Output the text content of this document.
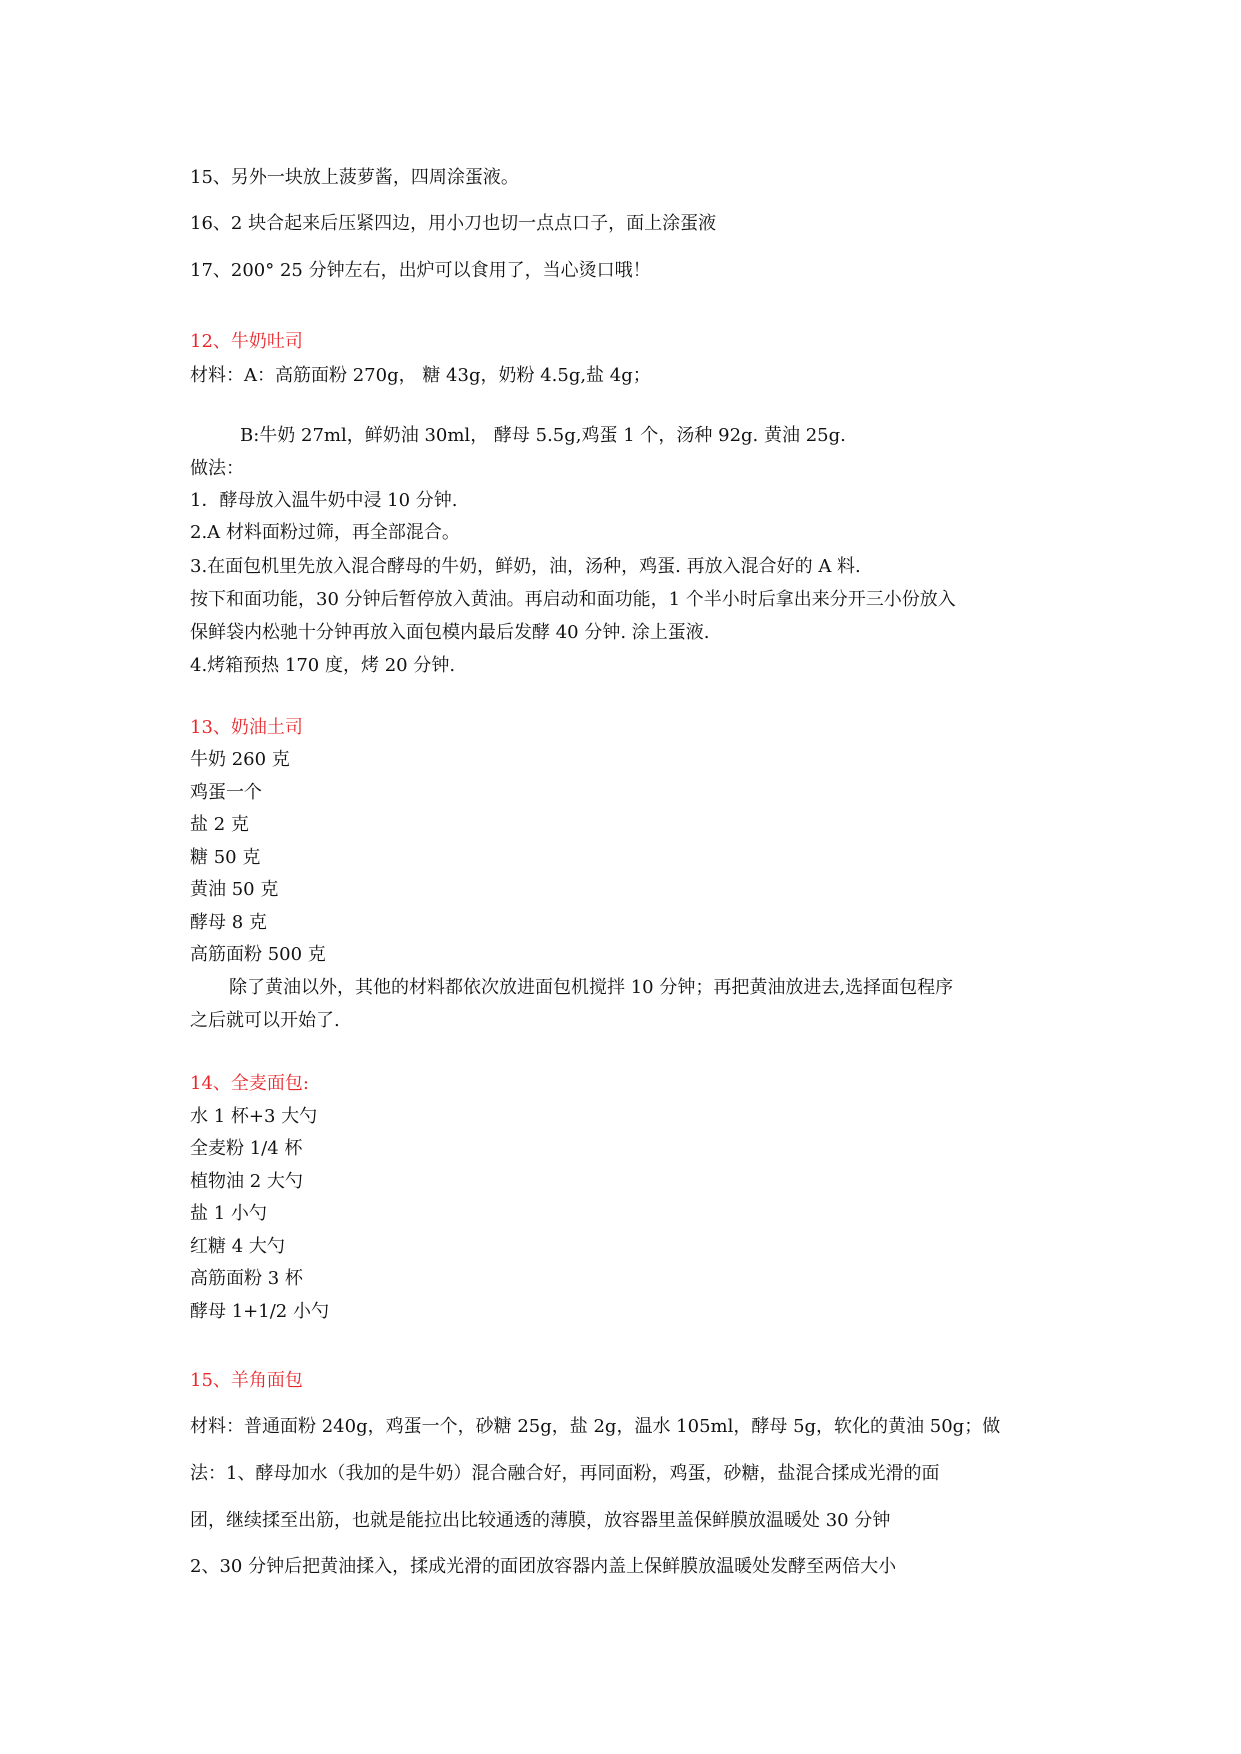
15、另外一块放上菠萝酱，四周涂蛋液。
16、2 块合起来后压紧四边，用小刀也切一点点口子，面上涂蛋液
17、200° 25 分钟左右，出炉可以食用了，当心烫口哦！
12、牛奶吐司
材料：A：高筋面粉 270g， 糖 43g，奶粉 4.5g,盐 4g；
B:牛奶 27ml，鲜奶油 30ml， 酵母 5.5g,鸡蛋 1 个，汤种 92g. 黄油 25g.
做法：
1．酵母放入温牛奶中浸 10 分钟.
2.A 材料面粉过筛，再全部混合。
3.在面包机里先放入混合酵母的牛奶，鲜奶，油，汤种，鸡蛋. 再放入混合好的 A 料.
按下和面功能，30 分钟后暂停放入黄油。再启动和面功能，1 个半小时后拿出来分开三小份放入
保鲜袋内松驰十分钟再放入面包模内最后发酵 40 分钟. 涂上蛋液.
4.烤箱预热 170 度，烤 20 分钟.
13、奶油土司
牛奶 260 克
鸡蛋一个
盐 2 克
糖 50 克
黄油 50 克
酵母 8 克
高筋面粉 500 克
除了黄油以外，其他的材料都依次放进面包机搅拌 10 分钟；再把黄油放进去,选择面包程序
之后就可以开始了.
14、全麦面包:
水 1 杯+3 大勺
全麦粉 1/4 杯
植物油 2 大勺
盐 1 小勺
红糖 4 大勺
高筋面粉 3 杯
酵母 1+1/2 小勺
15、羊角面包
材料：普通面粉 240g，鸡蛋一个，砂糖 25g，盐 2g，温水 105ml，酵母 5g，软化的黄油 50g；做
法：1、酵母加水（我加的是牛奶）混合融合好，再同面粉，鸡蛋，砂糖，盐混合揉成光滑的面
团，继续揉至出筋，也就是能拉出比较通透的薄膜，放容器里盖保鲜膜放温暖处 30 分钟
2、30 分钟后把黄油揉入，揉成光滑的面团放容器内盖上保鲜膜放温暖处发酵至两倍大小
